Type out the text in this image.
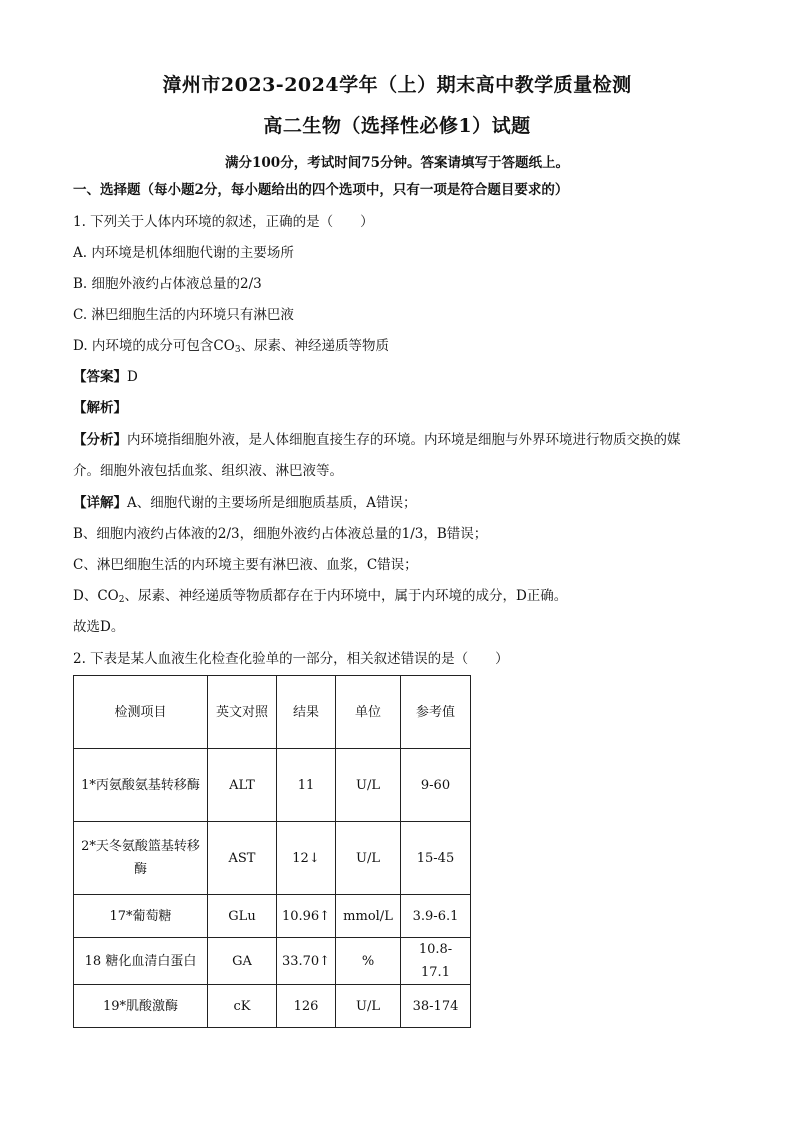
漳州市2023-2024学年（上）期末高中教学质量检测
高二生物（选择性必修1）试题
满分100分，考试时间75分钟。答案请填写于答题纸上。
一、选择题（每小题2分，每小题给出的四个选项中，只有一项是符合题目要求的）
1. 下列关于人体内环境的叙述，正确的是（　　）
A. 内环境是机体细胞代谢的主要场所
B. 细胞外液约占体液总量的2/3
C. 淋巴细胞生活的内环境只有淋巴液
D. 内环境的成分可包含$CO_3$、尿素、神经递质等物质
【答案】D
【解析】
【分析】内环境指细胞外液，是人体细胞直接生存的环境。内环境是细胞与外界环境进行物质交换的媒
介。细胞外液包括血浆、组织液、淋巴液等。
【详解】A、细胞代谢的主要场所是细胞质基质，A错误；
B、细胞内液约占体液的2/3，细胞外液约占体液总量的1/3，B错误；
C、淋巴细胞生活的内环境主要有淋巴液、血浆，C错误；
D、$CO_2$、尿素、神经递质等物质都存在于内环境中，属于内环境的成分，D正确。
故选D。
2. 下表是某人血液生化检查化验单的一部分，相关叙述错误的是（　　）
检测项目	英文对照	结果	单位	参考值
1*丙氨酸氨基转移酶	ALT	11	U/L	9-60
2*天冬氨酸篮基转移酶	AST	12↓	U/L	15-45
17*葡萄糖	GLu	10.96↑	mmol/L	3.9-6.1
18 糖化血清白蛋白	GA	33.70↑	%	10.8-17.1
19*肌酸激酶	cK	126	U/L	38-174
